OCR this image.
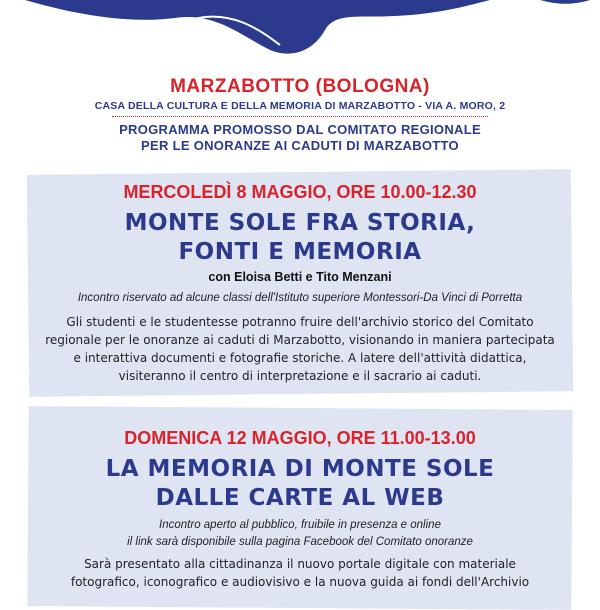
MARZABOTTO (BOLOGNA)
CASA DELLA CULTURA E DELLA MEMORIA DI MARZABOTTO - VIA A. MORO, 2
PROGRAMMA PROMOSSO DAL COMITATO REGIONALE
PER LE ONORANZE AI CADUTI DI MARZABOTTO
MERCOLEDÌ 8 MAGGIO, ORE 10.00-12.30
MONTE SOLE FRA STORIA,
FONTI E MEMORIA
con Eloisa Betti e Tito Menzani
Incontro riservato ad alcune classi dell'Istituto superiore Montessori-Da Vinci di Porretta
Gli studenti e le studentesse potranno fruire dell'archivio storico del Comitato
regionale per le onoranze ai caduti di Marzabotto, visionando in maniera partecipata
e interattiva documenti e fotografie storiche. A latere dell'attività didattica,
visiteranno il centro di interpretazione e il sacrario ai caduti.
DOMENICA 12 MAGGIO, ORE 11.00-13.00
LA MEMORIA DI MONTE SOLE
DALLE CARTE AL WEB
Incontro aperto al pubblico, fruibile in presenza e online
il link sarà disponibile sulla pagina Facebook del Comitato onoranze
Sarà presentato alla cittadinanza il nuovo portale digitale con materiale
fotografico, iconografico e audiovisivo e la nuova guida ai fondi dell'Archivio
